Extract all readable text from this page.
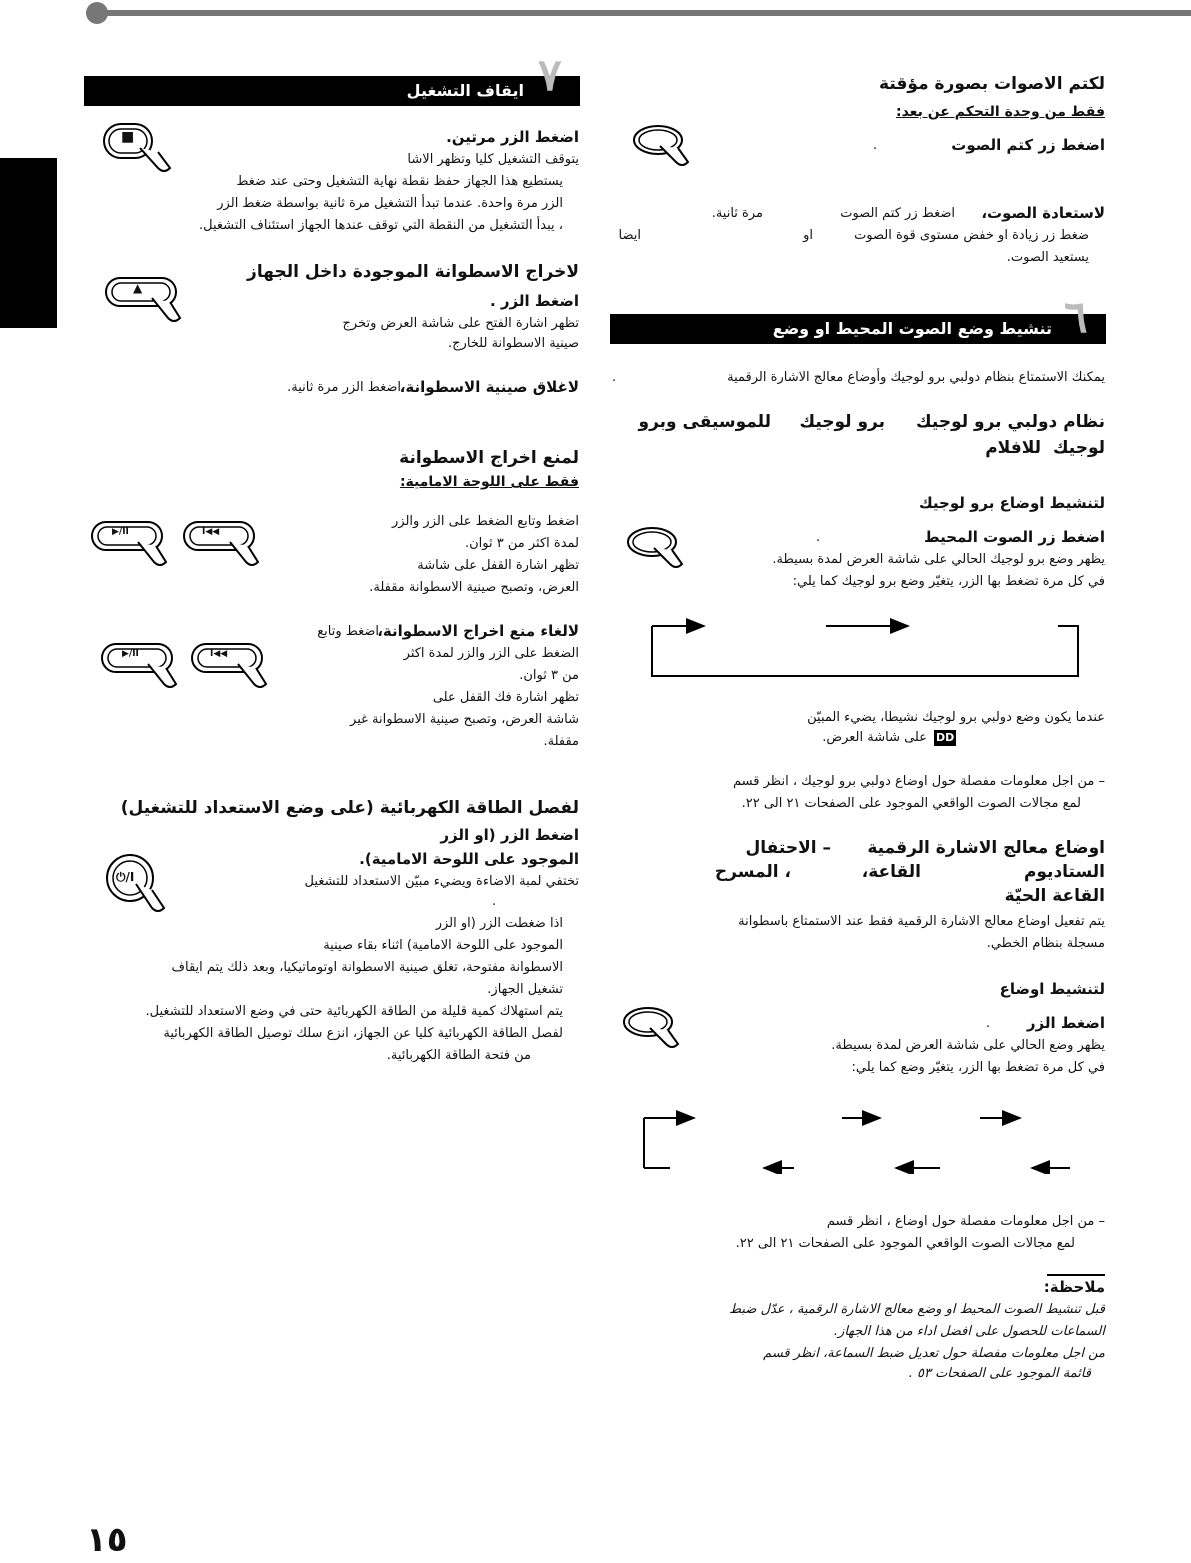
لكتم الاصوات بصورة مؤقتة
فقط من وحدة التحكم عن بعد:
اضغط زر كتم الصوت
.
لاستعادة الصوت،
اضغط زر كتم الصوت
مرة ثانية.
ضغط زر زيادة او خفض مستوى قوة الصوت
او
ايضا
يستعيد الصوت.
تنشيط وضع الصوت المحيط او وضع ٦
يمكنك الاستمتاع بنظام دولبي برو لوجيك وأوضاع معالج الاشارة الرقمية
.
نظام دولبي برو لوجيك
برو لوجيك
للموسيقى وبرو
لوجيك
للافلام
لتنشيط اوضاع برو لوجيك
اضغط زر الصوت المحيط
.
يظهر وضع برو لوجيك الحالي على شاشة العرض لمدة بسيطة.
في كل مرة تضغط بها الزر، يتغيّر وضع برو لوجيك كما يلي:
عندما يكون وضع دولبي برو لوجيك نشيطا، يضيء المبيّن
DD
على شاشة العرض.
– من اجل معلومات مفصلة حول اوضاع دولبي برو لوجيك ، انظر قسم
لمع مجالات الصوت الواقعي الموجود على الصفحات ٢١ الى ٢٢.
اوضاع معالج الاشارة الرقمية
– الاحتفال
الستاديوم
القاعة،
، المسرح
القاعة الحيّة
يتم تفعيل اوضاع معالج الاشارة الرقمية فقط عند الاستمتاع باسطوانة
مسجلة بنظام الخطي.
لتنشيط اوضاع
اضغط الزر
.
يظهر وضع الحالي على شاشة العرض لمدة بسيطة.
في كل مرة تضغط بها الزر، يتغيّر وضع كما يلي:
– من اجل معلومات مفصلة حول اوضاع ، انظر قسم
لمع مجالات الصوت الواقعي الموجود على الصفحات ٢١ الى ٢٢.
ملاحظة:
قبل تنشيط الصوت المحيط او وضع معالج الاشارة الرقمية ، عدّل ضبط
السماعات للحصول على افضل اداء من هذا الجهاز.
من اجل معلومات مفصلة حول تعديل ضبط السماعة، انظر قسم
قائمة الموجود على الصفحات ٥٣ .
ايقاف التشغيل ٧
■	اضغط الزر مرتين.
يتوقف التشغيل كليا وتظهر الاشا
يستطيع هذا الجهاز حفظ نقطة نهاية التشغيل وحتى عند ضغط
الزر مرة واحدة. عندما تبدأ التشغيل مرة ثانية بواسطة ضغط الزر
، يبدأ التشغيل من النقطة التي توقف عندها الجهاز استئناف التشغيل.
لاخراج الاسطوانة الموجودة داخل الجهاز
▲
اضغط الزر .
تظهر اشارة الفتح على شاشة العرض وتخرج
صينية الاسطوانة للخارج.
لاغلاق صينية الاسطوانة،
اضغط الزر مرة ثانية.
لمنع اخراج الاسطوانة
فقط على اللوحة الامامية:
▶/II	I◀◀
اضغط وتابع الضغط على الزر والزر
لمدة اكثر من ٣ ثوان.
تظهر اشارة القفل على شاشة
العرض، وتصبح صينية الاسطوانة مقفلة.
لالغاء منع اخراج الاسطوانة،
اضغط وتابع
الضغط على الزر والزر لمدة اكثر
من ٣ ثوان.
تظهر اشارة فك القفل على
شاشة العرض، وتصبح صينية الاسطوانة غير
مقفلة.
▶/II	I◀◀
لفصل الطاقة الكهربائية (على وضع الاستعداد للتشغيل)
اضغط الزر (او الزر
الموجود على اللوحة الامامية).
تختفي لمبة الاضاءة ويضيء مبيّن الاستعداد للتشغيل
.
⏻/I
اذا ضغطت الزر (او الزر
الموجود على اللوحة الامامية) اثناء بقاء صينية
الاسطوانة مفتوحة، تغلق صينية الاسطوانة اوتوماتيكيا، وبعد ذلك يتم ايقاف
تشغيل الجهاز.
يتم استهلاك كمية قليلة من الطاقة الكهربائية حتى في وضع الاستعداد للتشغيل.
لفصل الطاقة الكهربائية كليا عن الجهاز، انزع سلك توصيل الطاقة الكهربائية
من فتحة الطاقة الكهربائية.
١٥
